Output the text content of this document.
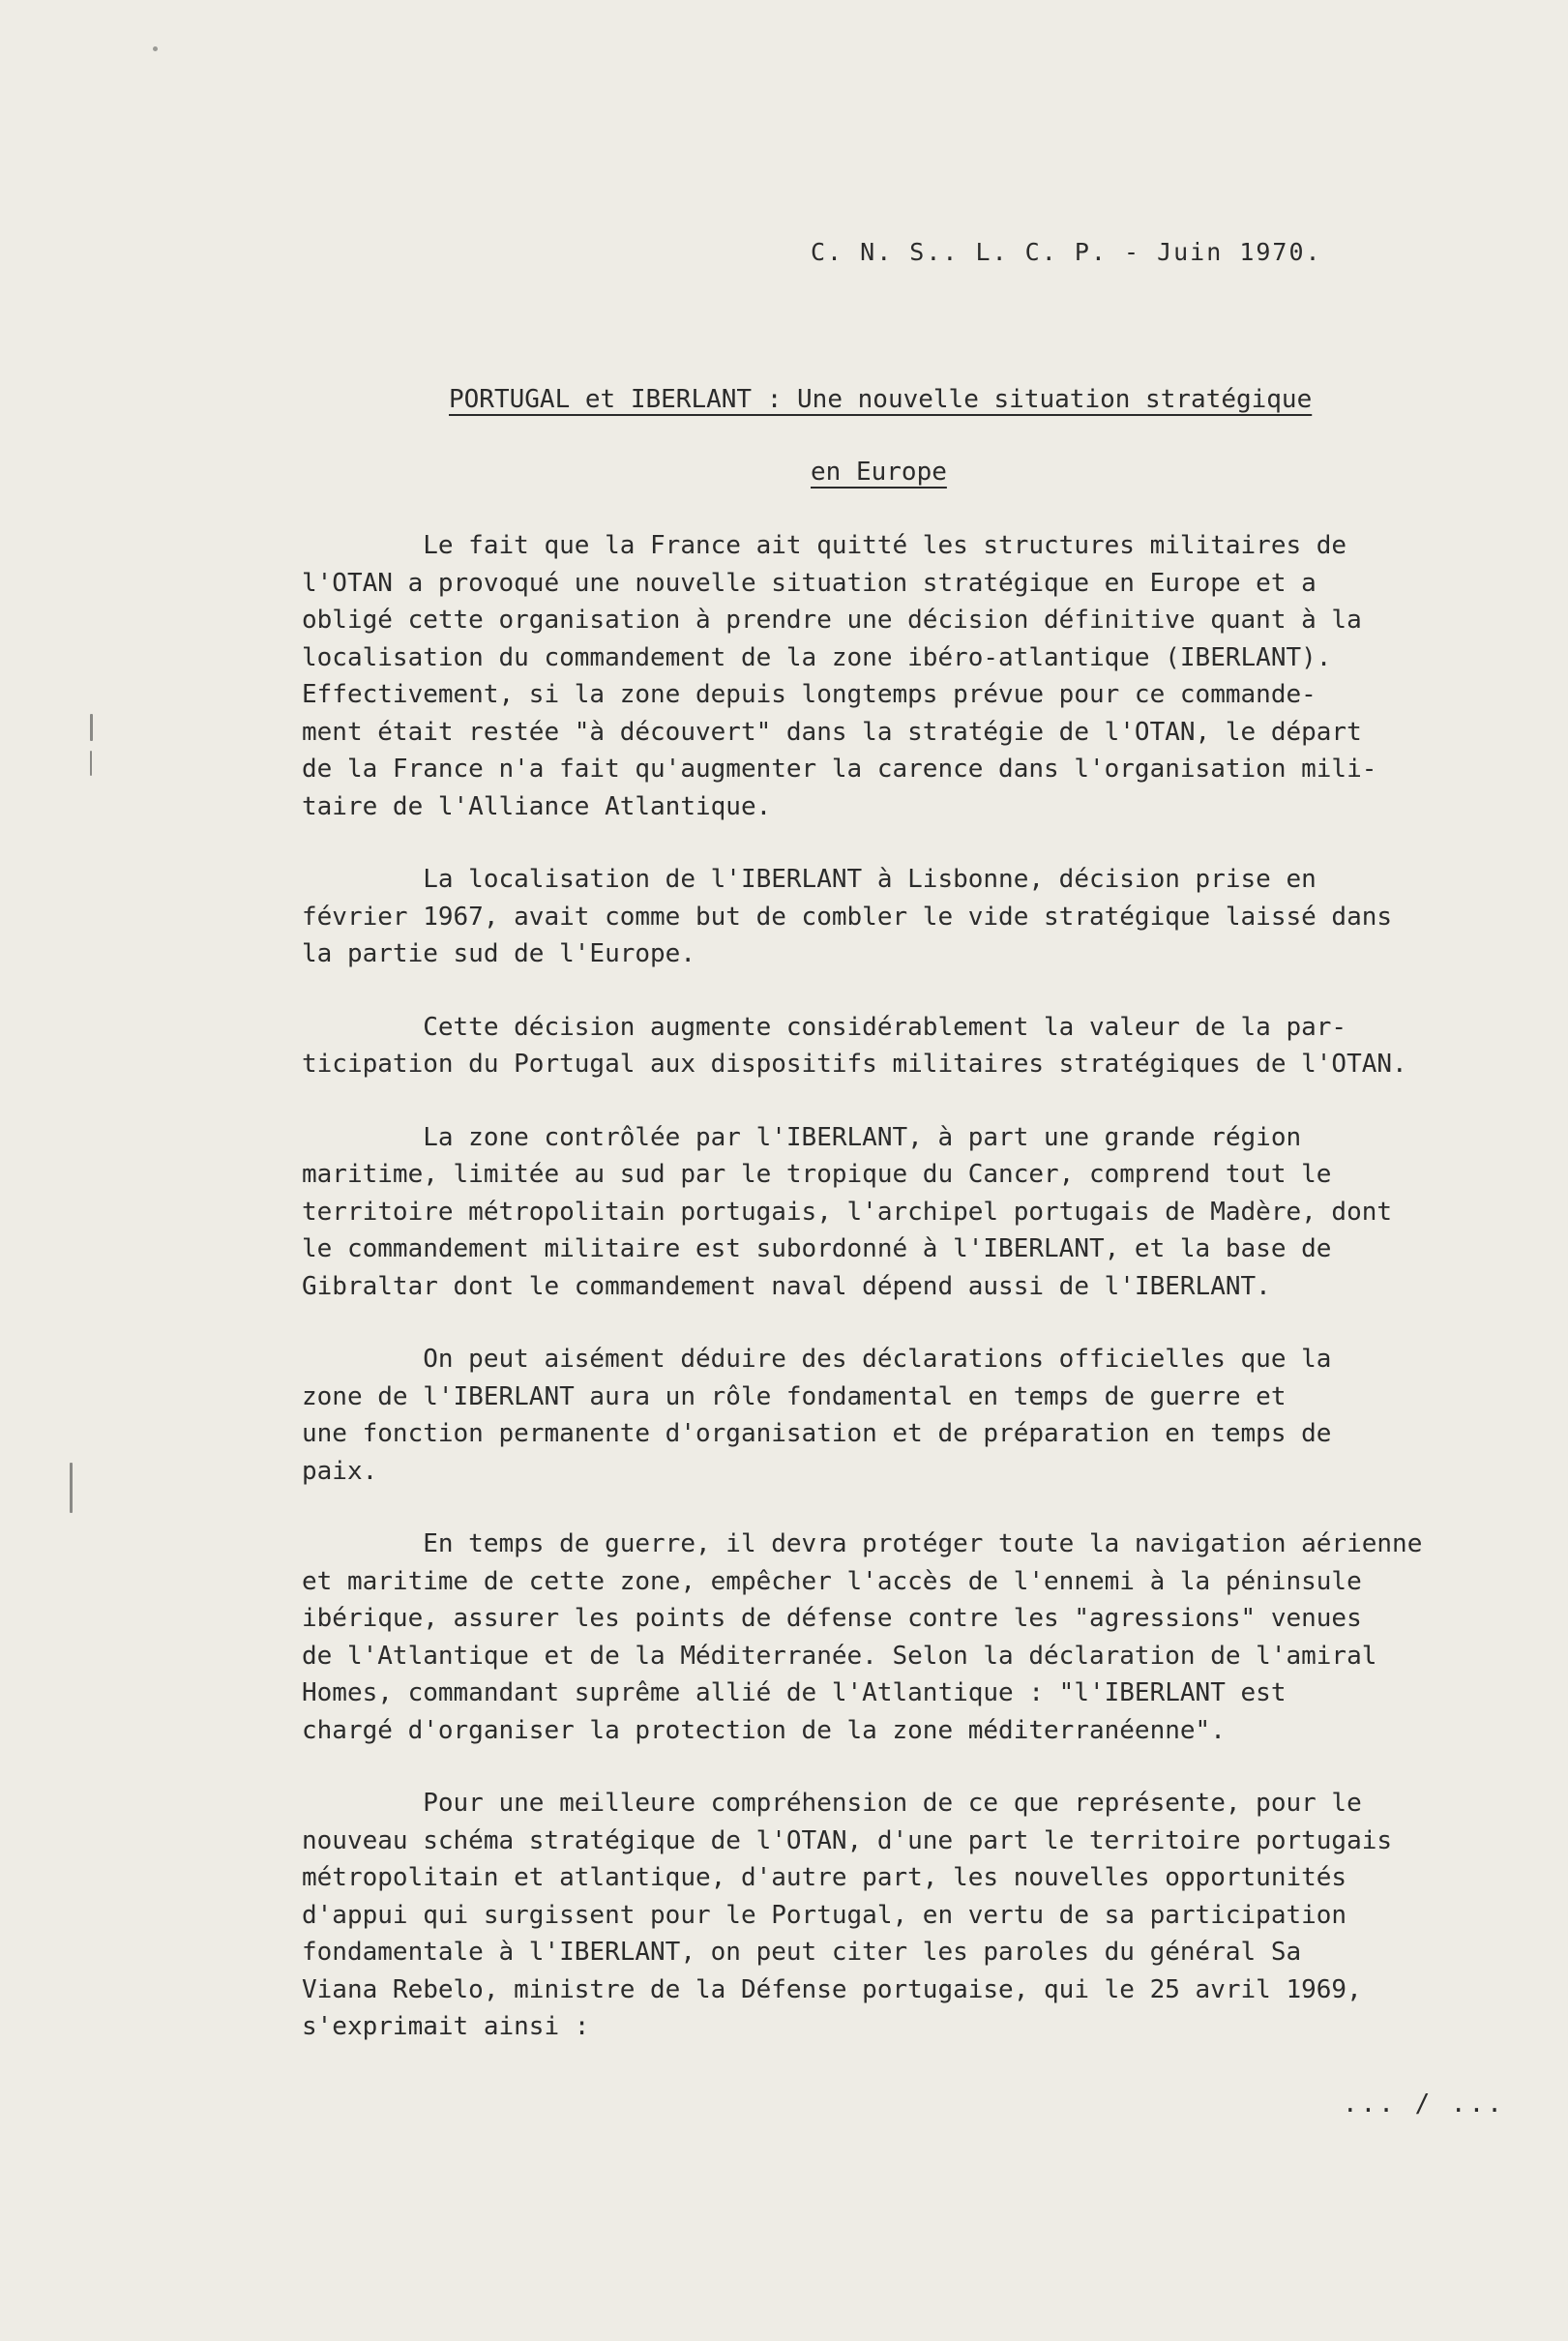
C. N. S.. L. C. P. - Juin 1970.
PORTUGAL et IBERLANT : Une nouvelle situation stratégique
en Europe
Le fait que la France ait quitté les structures militaires de
l'OTAN a provoqué une nouvelle situation stratégique en Europe et a
obligé cette organisation à prendre une décision définitive quant à la
localisation du commandement de la zone ibéro-atlantique (IBERLANT).
Effectivement, si la zone depuis longtemps prévue pour ce commande-
ment était restée "à découvert" dans la stratégie de l'OTAN, le départ
de la France n'a fait qu'augmenter la carence dans l'organisation mili-
taire de l'Alliance Atlantique.
La localisation de l'IBERLANT à Lisbonne, décision prise en
février 1967, avait comme but de combler le vide stratégique laissé dans
la partie sud de l'Europe.
Cette décision augmente considérablement la valeur de la par-
ticipation du Portugal aux dispositifs militaires stratégiques de l'OTAN.
La zone contrôlée par l'IBERLANT, à part une grande région
maritime, limitée au sud par le tropique du Cancer, comprend tout le
territoire métropolitain portugais, l'archipel portugais de Madère, dont
le commandement militaire est subordonné à l'IBERLANT, et la base de
Gibraltar dont le commandement naval dépend aussi de l'IBERLANT.
On peut aisément déduire des déclarations officielles que la
zone de l'IBERLANT aura un rôle fondamental en temps de guerre et
une fonction permanente d'organisation et de préparation en temps de
paix.
En temps de guerre, il devra protéger toute la navigation aérienne
et maritime de cette zone, empêcher l'accès de l'ennemi à la péninsule
ibérique, assurer les points de défense contre les "agressions" venues
de l'Atlantique et de la Méditerranée. Selon la déclaration de l'amiral
Homes, commandant suprême allié de l'Atlantique : "l'IBERLANT est
chargé d'organiser la protection de la zone méditerranéenne".
Pour une meilleure compréhension de ce que représente, pour le
nouveau schéma stratégique de l'OTAN, d'une part le territoire portugais
métropolitain et atlantique, d'autre part, les nouvelles opportunités
d'appui qui surgissent pour le Portugal, en vertu de sa participation
fondamentale à l'IBERLANT, on peut citer les paroles du général Sa
Viana Rebelo, ministre de la Défense portugaise, qui le 25 avril 1969,
s'exprimait ainsi :
... / ...
